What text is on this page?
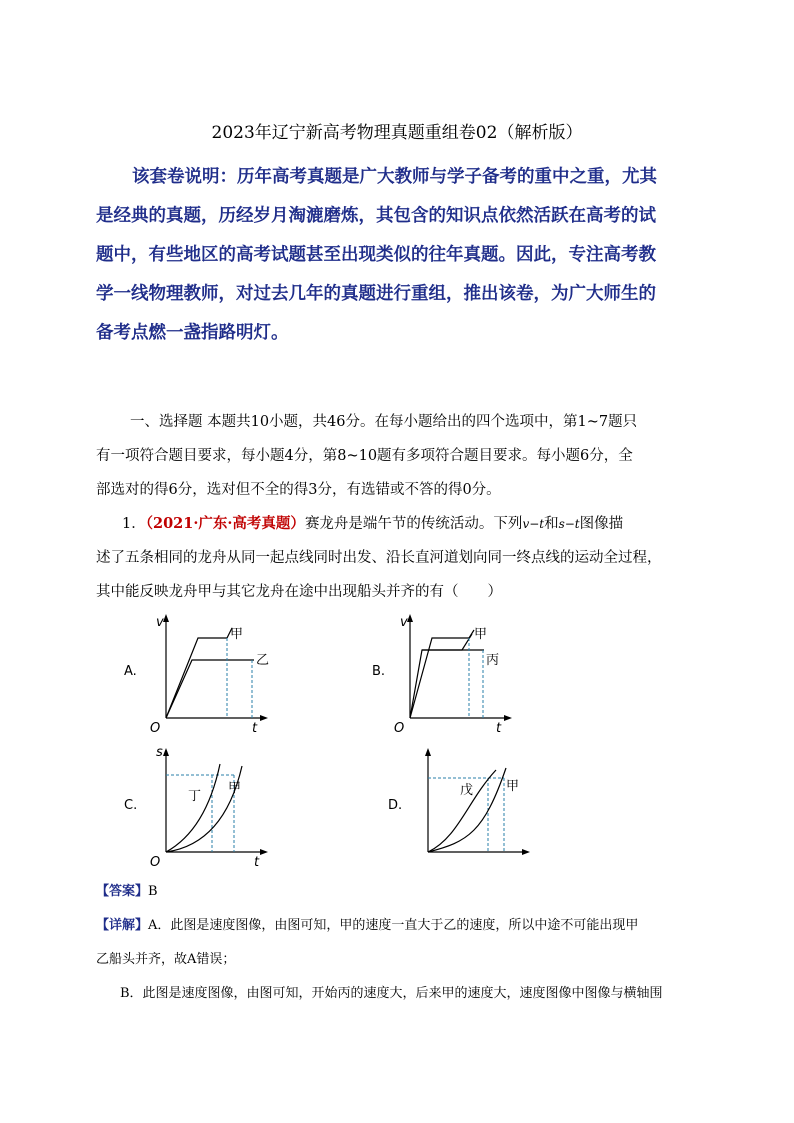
2023年辽宁新高考物理真题重组卷02（解析版）
该套卷说明：历年高考真题是广大教师与学子备考的重中之重，尤其
是经典的真题，历经岁月淘漉磨炼，其包含的知识点依然活跃在高考的试
题中，有些地区的高考试题甚至出现类似的往年真题。因此，专注高考教
学一线物理教师，对过去几年的真题进行重组，推出该卷，为广大师生的
备考点燃一盏指路明灯。
一、选择题 本题共10小题，共46分。在每小题给出的四个选项中，第1~7题只
有一项符合题目要求，每小题4分，第8~10题有多项符合题目要求。每小题6分，全
部选对的得6分，选对但不全的得3分，有选错或不答的得0分。
1．（2021·广东·高考真题）赛龙舟是端午节的传统活动。下列v−t和s−t图像描
述了五条相同的龙舟从同一起点线同时出发、沿长直河道划向同一终点线的运动全过程，
其中能反映龙舟甲与其它龙舟在途中出现船头并齐的有（　　）
A.
v
t
O
甲
乙
B.
v
t
O
甲
丙
C.
s
t
O
甲
丁
D.
甲
戊
【答案】B
【详解】A．此图是速度图像，由图可知，甲的速度一直大于乙的速度，所以中途不可能出现甲
乙船头并齐，故A错误；
B．此图是速度图像，由图可知，开始丙的速度大，后来甲的速度大，速度图像中图像与横轴围
